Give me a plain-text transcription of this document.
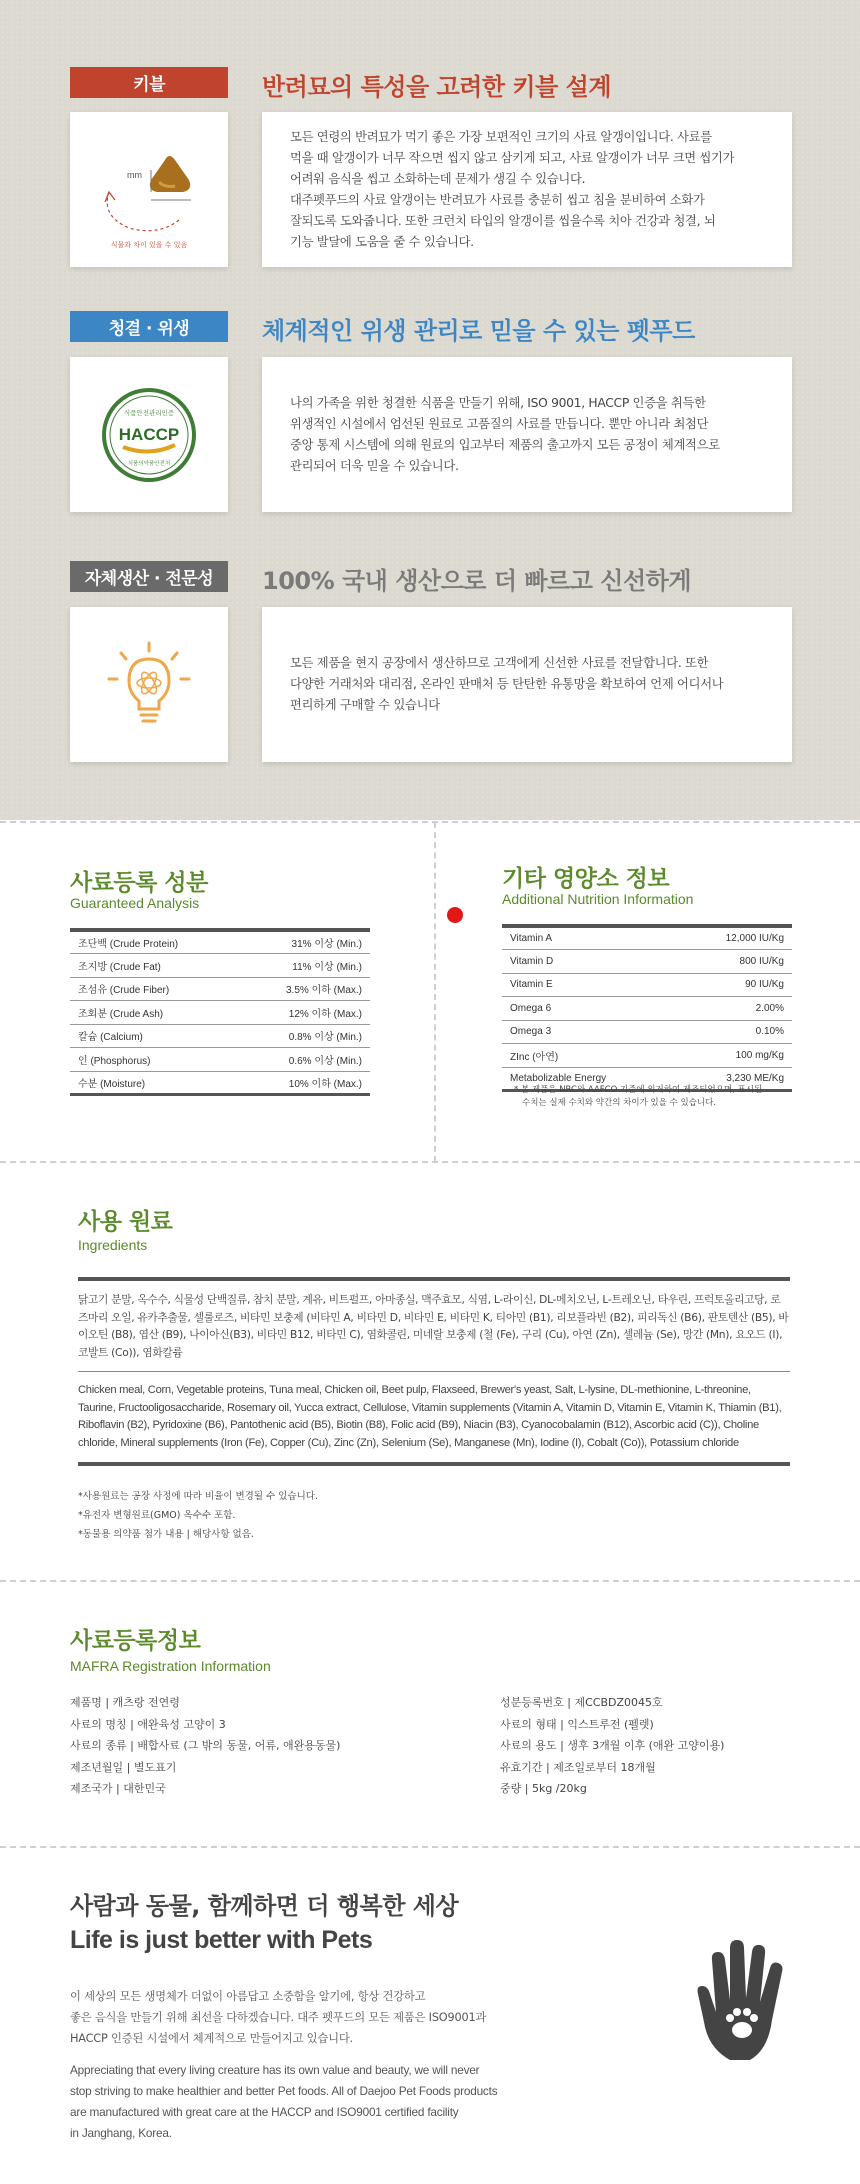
키블	반려묘의 특성을 고려한 키블 설계
mm
식물과 차이 있을 수 있음
모든 연령의 반려묘가 먹기 좋은 가장 보편적인 크기의 사료 알갱이입니다. 사료를
먹을 때 알갱이가 너무 작으면 씹지 않고 삼키게 되고, 사료 알갱이가 너무 크면 씹기가
어려워 음식을 씹고 소화하는데 문제가 생길 수 있습니다.
대주펫푸드의 사료 알갱이는 반려묘가 사료를 충분히 씹고 침을 분비하여 소화가
잘되도록 도와줍니다. 또한 크런치 타입의 알갱이를 씹을수록 치아 건강과 청결, 뇌
기능 발달에 도움을 줄 수 있습니다.
청결 · 위생	체계적인 위생 관리로 믿을 수 있는 펫푸드
식품안전관리인증
HACCP
식품의약품안전처
나의 가족을 위한 청결한 식품을 만들기 위해, ISO 9001, HACCP 인증을 취득한
위생적인 시설에서 엄선된 원료로 고품질의 사료를 만듭니다. 뿐만 아니라 최첨단
중앙 통제 시스템에 의해 원료의 입고부터 제품의 출고까지 모든 공정이 체계적으로
관리되어 더욱 믿을 수 있습니다.
자체생산 · 전문성	100% 국내 생산으로 더 빠르고 신선하게
모든 제품을 현지 공장에서 생산하므로 고객에게 신선한 사료를 전달합니다. 또한
다양한 거래처와 대리점, 온라인 판매처 등 탄탄한 유통망을 확보하여 언제 어디서나
편리하게 구매할 수 있습니다
사료등록 성분
Guaranteed Analysis
조단백 (Crude Protein)	31% 이상 (Min.)
조지방 (Crude Fat)	11% 이상 (Min.)
조섬유 (Crude Fiber)	3.5% 이하 (Max.)
조회분 (Crude Ash)	12% 이하 (Max.)
칼슘 (Calcium)	0.8% 이상 (Min.)
인 (Phosphorus)	0.6% 이상 (Min.)
수분 (Moisture)	10% 이하 (Max.)
기타 영양소 정보
Additional Nutrition Information
Vitamin A	12,000 IU/Kg
Vitamin D	800 IU/Kg
Vitamin E	90 IU/Kg
Omega 6	2.00%
Omega 3	0.10%
ZInc (아연)	100 mg/Kg
Metabolizable Energy	3,230 ME/Kg
* 본 제품은 NRC와 AAFCO 기준에 의거하여 제조되었으며, 표시된
수치는 실제 수치와 약간의 차이가 있을 수 있습니다.
사용 원료
Ingredients

닭고기 분말, 옥수수, 식물성 단백질류, 참치 분말, 계유, 비트펄프, 아마종실, 맥주효모, 식염, L-라이신, DL-메치오닌, L-트레오닌, 타우린, 프럭토올리고당, 로즈마리 오일, 유카추출물, 셀룰로즈, 비타민 보충제 (비타민 A, 비타민 D, 비타민 E, 비타민 K, 티아민 (B1), 리보플라빈 (B2), 피리독신 (B6), 판토텐산 (B5), 바이오틴 (B8), 엽산 (B9), 나이아신(B3), 비타민 B12, 비타민 C), 염화콜린, 미네랄 보충제 (철 (Fe), 구리 (Cu), 아연 (Zn), 셀레늄 (Se), 망간 (Mn), 요오드 (I), 코발트 (Co)), 염화칼륨

Chicken meal, Corn, Vegetable proteins, Tuna meal, Chicken oil, Beet pulp, Flaxseed, Brewer's yeast, Salt, L-lysine, DL-methionine, L-threonine, Taurine, Fructooligosaccharide, Rosemary oil, Yucca extract, Cellulose, Vitamin supplements (Vitamin A, Vitamin D, Vitamin E, Vitamin K, Thiamin (B1), Riboflavin (B2), Pyridoxine (B6), Pantothenic acid (B5), Biotin (B8), Folic acid (B9), Niacin (B3), Cyanocobalamin (B12), Ascorbic acid (C)), Choline chloride, Mineral supplements (Iron (Fe), Copper (Cu), Zinc (Zn), Selenium (Se), Manganese (Mn), Iodine (I), Cobalt (Co)), Potassium chloride

*사용원료는 공장 사정에 따라 비율이 변경될 수 있습니다.
*유전자 변형원료(GMO) 옥수수 포함.
*동물용 의약품 첨가 내용 | 해당사항 없음.
사료등록정보
MAFRA Registration Information
제품명 | 캐츠랑 전연령
사료의 명칭 | 애완육성 고양이 3
사료의 종류 | 배합사료 (그 밖의 동물, 어류, 애완용동물)
제조년월일 | 별도표기
제조국가 | 대한민국
성분등록번호 | 제CCBDZ0045호
사료의 형태 | 익스트루전 (펠렛)
사료의 용도 | 생후 3개월 이후 (애완 고양이용)
유효기간 | 제조일로부터 18개월
중량 | 5kg /20kg
사람과 동물, 함께하면 더 행복한 세상
Life is just better with Pets
이 세상의 모든 생명체가 더없이 아름답고 소중함을 알기에, 항상 건강하고
좋은 음식을 만들기 위해 최선을 다하겠습니다. 대주 펫푸드의 모든 제품은 ISO9001과
HACCP 인증된 시설에서 체계적으로 만들어지고 있습니다.
Appreciating that every living creature has its own value and beauty, we will never
stop striving to make healthier and better Pet foods. All of Daejoo Pet Foods products
are manufactured with great care at the HACCP and ISO9001 certified facility
in Janghang, Korea.
